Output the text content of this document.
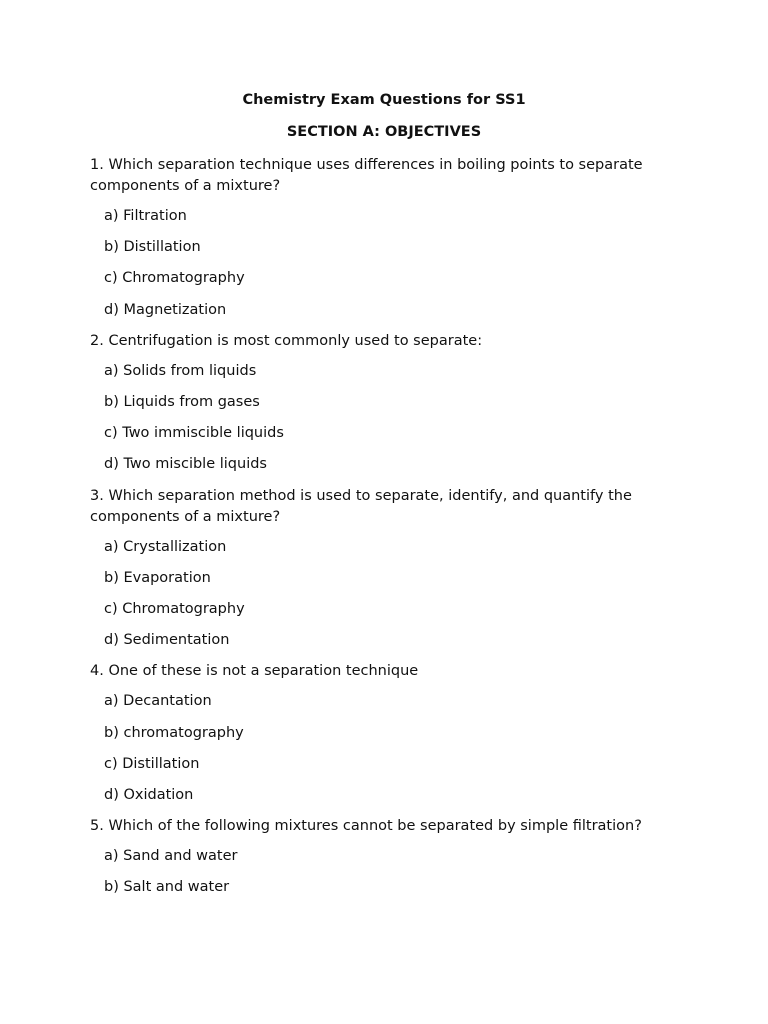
Chemistry Exam Questions for SS1
SECTION A: OBJECTIVES

1. Which separation technique uses differences in boiling points to separate components of a mixture?

a) Filtration

b) Distillation

c) Chromatography

d) Magnetization

2. Centrifugation is most commonly used to separate:

a) Solids from liquids

b) Liquids from gases

c) Two immiscible liquids

d) Two miscible liquids

3. Which separation method is used to separate, identify, and quantify the components of a mixture?

a) Crystallization

b) Evaporation

c) Chromatography

d) Sedimentation

4. One of these is not a separation technique

a) Decantation

b) chromatography

c) Distillation

d) Oxidation

5. Which of the following mixtures cannot be separated by simple filtration?

a) Sand and water

b) Salt and water
